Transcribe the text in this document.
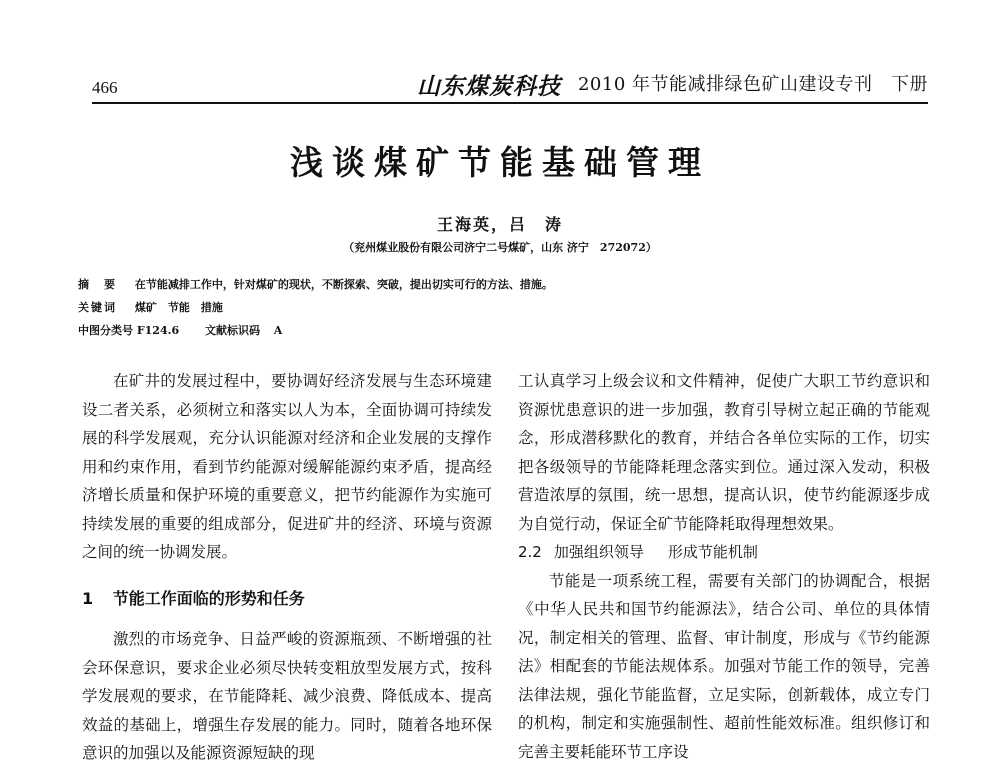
466	山东煤炭科技 2010 年节能减排绿色矿山建设专刊　下册
浅谈煤矿节能基础管理
王海英，吕　涛
（兖州煤业股份有限公司济宁二号煤矿，山东 济宁　272072）
摘　要 在节能减排工作中，针对煤矿的现状，不断探索、突破，提出切实可行的方法、措施。
关键词 煤矿　节能　措施
中图分类号 F124.6 文献标识码 A

在矿井的发展过程中，要协调好经济发展与生态环境建设二者关系，必须树立和落实以人为本，全面协调可持续发展的科学发展观，充分认识能源对经济和企业发展的支撑作用和约束作用，看到节约能源对缓解能源约束矛盾，提高经济增长质量和保护环境的重要意义，把节约能源作为实施可持续发展的重要的组成部分，促进矿井的经济、环境与资源之间的统一协调发展。

1 节能工作面临的形势和任务

激烈的市场竞争、日益严峻的资源瓶颈、不断增强的社会环保意识，要求企业必须尽快转变粗放型发展方式，按科学发展观的要求，在节能降耗、减少浪费、降低成本、提高效益的基础上，增强生存发展的能力。同时，随着各地环保意识的加强以及能源资源短缺的现

工认真学习上级会议和文件精神，促使广大职工节约意识和资源忧患意识的进一步加强，教育引导树立起正确的节能观念，形成潜移默化的教育，并结合各单位实际的工作，切实把各级领导的节能降耗理念落实到位。通过深入发动，积极营造浓厚的氛围，统一思想，提高认识，使节约能源逐步成为自觉行动，保证全矿节能降耗取得理想效果。

2.2 加强组织领导 形成节能机制

节能是一项系统工程，需要有关部门的协调配合，根据《中华人民共和国节约能源法》，结合公司、单位的具体情况，制定相关的管理、监督、审计制度，形成与《节约能源法》相配套的节能法规体系。加强对节能工作的领导，完善法律法规，强化节能监督，立足实际，创新载体，成立专门的机构，制定和实施强制性、超前性能效标准。组织修订和完善主要耗能环节工序设
